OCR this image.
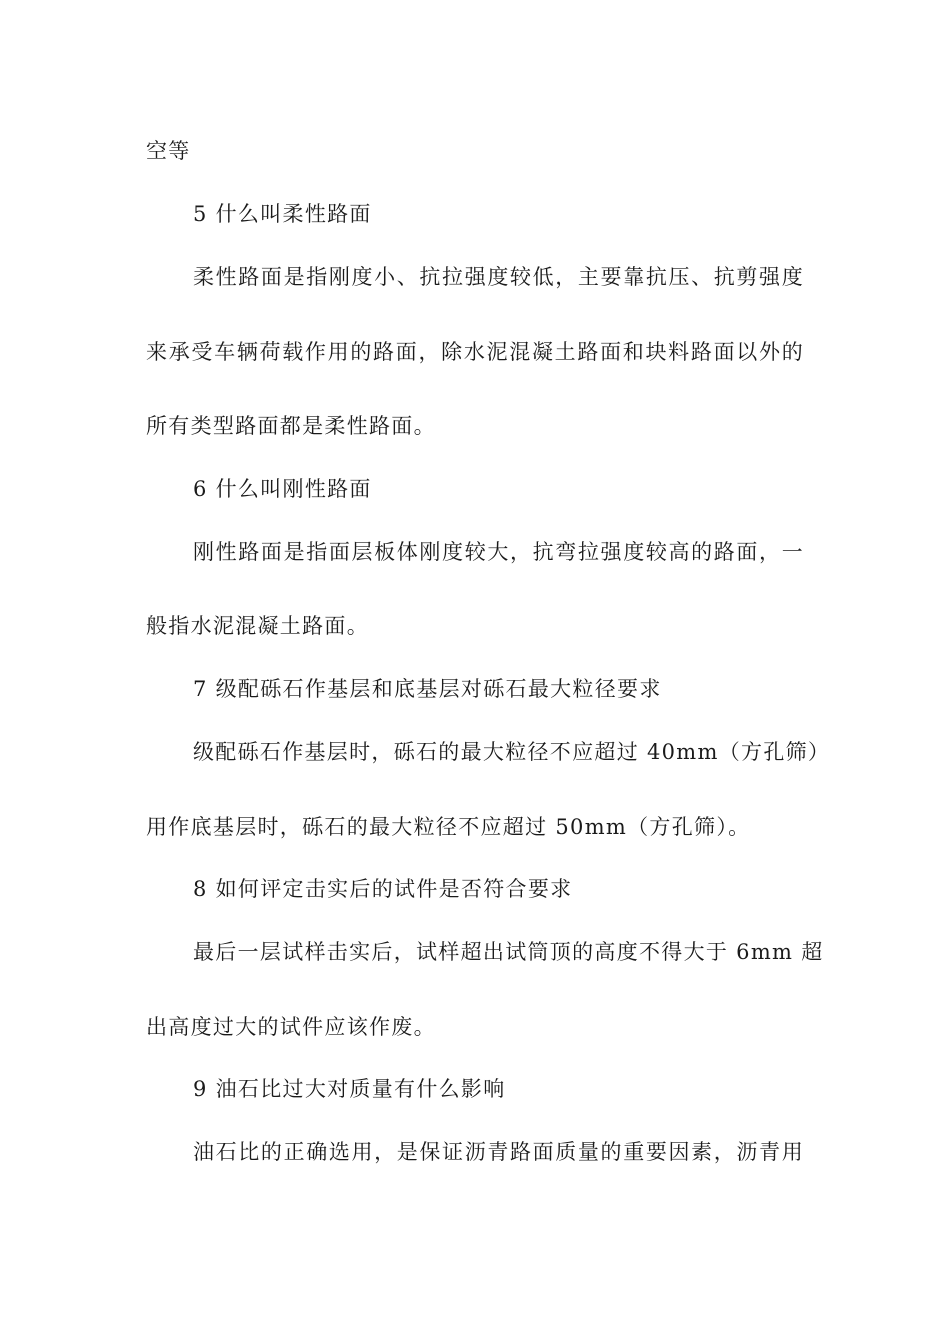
空等
5 什么叫柔性路面
柔性路面是指刚度小、抗拉强度较低，主要靠抗压、抗剪强度
来承受车辆荷载作用的路面，除水泥混凝土路面和块料路面以外的
所有类型路面都是柔性路面。
6 什么叫刚性路面
刚性路面是指面层板体刚度较大，抗弯拉强度较高的路面，一
般指水泥混凝土路面。
7 级配砾石作基层和底基层对砾石最大粒径要求
级配砾石作基层时，砾石的最大粒径不应超过 40mm（方孔筛）
用作底基层时，砾石的最大粒径不应超过 50mm（方孔筛）。
8 如何评定击实后的试件是否符合要求
最后一层试样击实后，试样超出试筒顶的高度不得大于 6mm 超
出高度过大的试件应该作废。
9 油石比过大对质量有什么影响
油石比的正确选用，是保证沥青路面质量的重要因素，沥青用
